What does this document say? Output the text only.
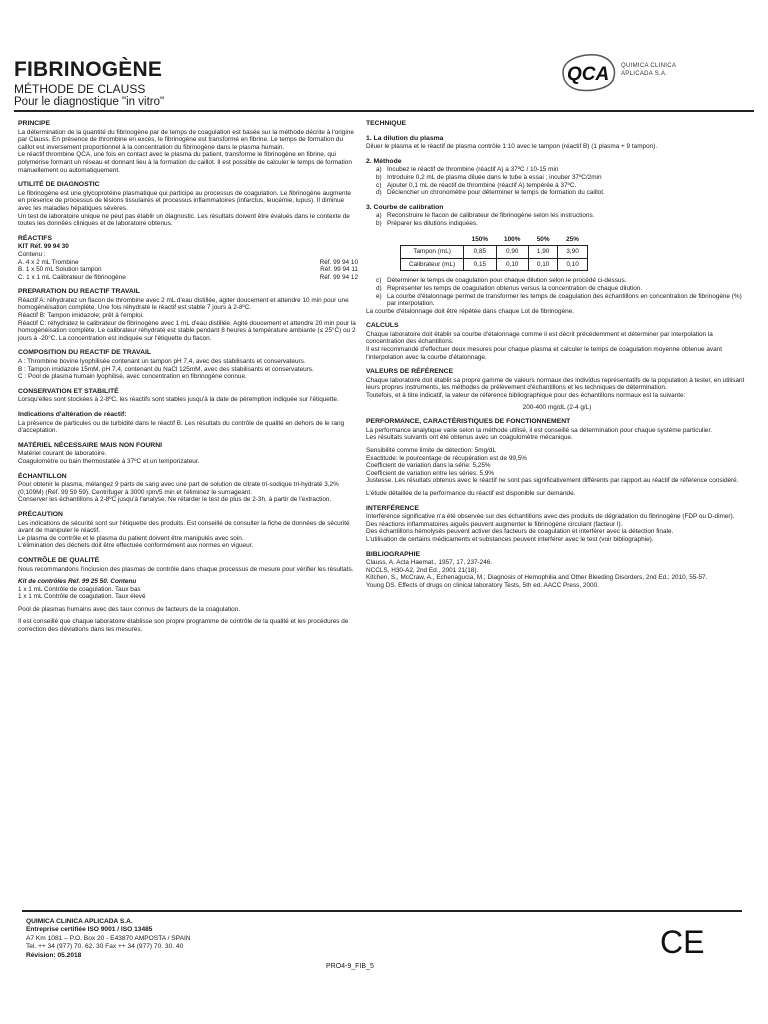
FIBRINOGÈNE
MÉTHODE DE CLAUSS
Pour le diagnostique "in vitro"
QCA QUIMICA CLINICA
APLICADA S.A.
PRINCIPE
La détermination de la quantité du fibrinogène par de temps de coagulation est basée sur la méthode décrite à l'origine par Clauss. En présence de thrombine en excès, le fibrinogène est transformé en fibrine. Le temps de formation du caillot est inversement proportionnel à la concentration du fibrinogène dans le plasma humain.
Le réactif thrombine QCA, une fois en contact avec le plasma du patient, transforme le fibrinogène en fibrine, qui polymérise formant un réseau et donnant lieu à la formation du caillot. Il est possible de calculer le temps de formation manuellement ou automatiquement.
UTILITÉ DE DIAGNOSTIC
Le fibrinogène est une glycoprotéine plasmatique qui participe au processus de coagulation. Le fibrinogène augmente en présence de processus de lésions tissulaires et processus inflammatoires (infarctus, leucémie, lupus). Il diminue avec les maladies hépatiques sévères.
Un test de laboratoire unique ne peut pas établir un diagnostic. Les résultats doivent être évalués dans le contexte de toutes les données cliniques et de laboratoire obtenus.
RÉACTIFS
KIT Réf. 99 94 30
Contenu :
A. 4 x 2 mL Trombine	Réf. 99 94 10
B. 1 x 50 mL Solution tampon	Réf. 99 94 11
C. 1 x 1 mL Calibrateur de fibrinogène	Réf. 99 94 12
PREPARATION DU REACTIF TRAVAIL
Réactif A: réhydratez un flacon de thrombine avec 2 mL d'eau distillée, agiter doucement et attendre 10 min pour une homogénéisation complète. Une fois réhydraté le réactif est stable 7 jours à 2-8ºC.
Réactif B: Tampon imidazole; prêt à l'emploi.
Réactif C: réhydratez le calibrateur de fibrinogène avec 1 mL d'eau distillée. Agité doucement et attendre 20 min pour la homogénéisation complète. Le calibrateur réhydraté est stable pendant 8 heures à température ambiante (≤ 25°C) ou 2 jours à -20°C. La concentration est indiquée sur l'étiquette du flacon.
COMPOSITION DU REACTIF DE TRAVAIL
A : Thrombine bovine lyophilisée contenant un tampon pH 7,4, avec des stabilisants et conservateurs.
B : Tampon imidazole 15mM, pH 7,4, contenant du NaCl 125mM, avec des stabilisants et conservateurs.
C : Pool de plasma humain lyophilisé, avec concentration en fibrinogène connue.
CONSERVATION ET STABILITÉ
Lorsqu'elles sont stockées à 2-8ºC, les réactifs sont stables jusqu'à la date de péremption indiquée sur l'étiquette.
Indications d'altération de réactif:
La présence de particules ou de turbidité dans le réactif B. Les résultats du contrôle de qualité en dehors de le rang d'acceptation.
MATÉRIEL NÉCESSAIRE MAIS NON FOURNI
Matériel courant de laboratoire.
Coagulomètre ou bain thermostatée à 37ºC et un temporizateur.
ÉCHANTILLON
Pour obtenir le plasma, mélangez 9 parts de sang avec une part de solution de citrate tri-sodique tri-hydraté 3,2% (0,109M) (Réf. 99 59 59). Centrifuger à 3000 rpm/5 min et l'éliminez le surnageant.
Conserver les échantillons à 2-8ºC jusqu'à l'analyse. Ne rétarder le test de plus de 2-3h. à partir de l'extraction.
PRÉCAUTION
Les indications de sécurité sont sur l'étiquette des produits. Est conseillé de consulter la fiche de données de sécurité avant de manipuler le réactif.
Le plasma de contrôle et le plasma du patient doivent être manipulés avec soin.
L'élimination des déchets doit être effectuée conformément aux normes en vigueur.
CONTRÔLE DE QUALITÉ
Nous recommandons l'inclusion des plasmas de contrôle dans chaque processus de mesure pour vérifier les résultats.
Kit de contrôles Réf. 99 25 50. Contenu
1 x 1 mL Contrôle de coagulation. Taux bas
1 x 1 mL Contrôle de coagulation. Taux élevé
Pool de plasmas humains avec des taux connus de facteurs de la coagulation.
Il est conseillé que chaque laboratoire établisse son propre programme de contrôle de la qualité et les procédures de correction des déviations dans les mesures.
TECHNIQUE
1. La dilution du plasma
Diluer le plasma et le réactif de plasma contrôle 1:10 avec le tampon (réactif B) (1 plasma + 9 tampon).
2. Méthode
a) Incubez le réactif de thrombine (réactif A) a 37ºC / 10-15 min
b) Introduire 0,2 mL de plasma diluée dans le tube à essai ; incuber 37ºC/2min
c) Ajouter 0,1 mL de réactif de thrombine (réactif A) tempérée à 37ºC.
d) Déclencher un chronomètre pour déterminer le temps de formation du caillot.
3. Courbe de calibration
a) Reconstruire le flacon de calibrateur de fibrinogène selon les instructions.
b) Préparer les dilutions indiquées.
	150%	100%	50%	25%
Tampon (mL)	0,85	0,90	1,90	3,90
Calibrateur (mL)	0,15	0,10	0,10	0,10
c) Déterminer le temps de coagulation pour chaque dilution selon le procédé ci-dessus.
d) Représenter les temps de coagulation obtenus versus la concentration de chaque dilution.
e) La courbe d'étalonnage permet de transformer les temps de coagulation des échantillons en concentration de fibrinogène (%) par interpolation.
La courbe d'étalonnage doit être répétée dans chaque Lot de fibrinogène.
CALCULS
Chaque laboratoire doit établir sa courbe d'étalonnage comme il est décrit précédemment et déterminer par interpolation la concentration des échantillons.
Il est recommandé d'effectuer deux mesures pour chaque plasma et calculer le temps de coagulation moyenne obtenue avant l'interpolation avec la courbe d'étalonnage.
VALEURS DE RÉFÉRENCE
Chaque laboratoire doit établir sa propre gamme de valeurs normaux des individus représentatifs de la population à tester, en utilisant leurs propres instruments, les méthodes de prélèvement d'échantillons et les techniques de détermination.
Toutefois, et à titre indicatif, la valeur de référence bibliographique pour des échantillons normaux est la suivante:
200-400 mg/dL (2-4 g/L)
PERFORMANCE, CARACTÉRISTIQUES DE FONCTIONNEMENT
La performance analytique varie selon la méthode utilisé, il est conseillé sa détermination pour chaque système particulier.
Les résultats suivants ont été obtenus avec un coagulomètre mécanique.
Sensibilité comme limite de détection: 5mg/dL
Exactitude: le pourcentage de récupération est de 99,5%
Coefficient de variation dans la série: 5,25%
Coefficient de variation entre les séries: 5,9%
Justesse. Les résultats obtenus avec le réactif ne sont pas significativement différents par rapport au réactif de référence considéré.
L'étude détaillée de la performance du réactif est disponible sur demande.
INTERFÉRENCE
Interférence significative n'a été observée sur des échantillons avec des produits de dégradation du fibrinogène (FDP ou D-dimer).
Des réactions inflammatoires aiguës peuvent augmenter le fibrinogène circulant (facteur I).
Des échantillons hémolysés peuvent activer des facteurs de coagulation et interférer avec la détection finale.
L'utilisation de certains médicaments et substances peuvent interférer avec le test (voir bibliographie).
BIBLIOGRAPHIE
Clauss, A. Acta Haemat., 1957, 17, 237-246.
NCCLS, H30-A2, 2nd Ed., 2001 21(18).
Kitchen, S., McCraw, A., Echenagucia, M.; Diagnosis of Hemophilia and Other Bleeding Disorders, 2nd Ed.; 2010, 55-57.
Young DS. Effects of drugs on clinical laboratory Tests, 5th ed. AACC Press, 2000.
QUIMICA CLINICA APLICADA S.A.
Entreprise certifiée ISO 9001 / ISO 13485
A7 Km 1081 – P.O. Box 20 - E43870 AMPOSTA / SPAIN
Tel. ++ 34 (977) 70. 62. 30 Fax ++ 34 (977) 70. 30. 40
Révision: 05.2018
PRO4-9_FIB_5
CE
